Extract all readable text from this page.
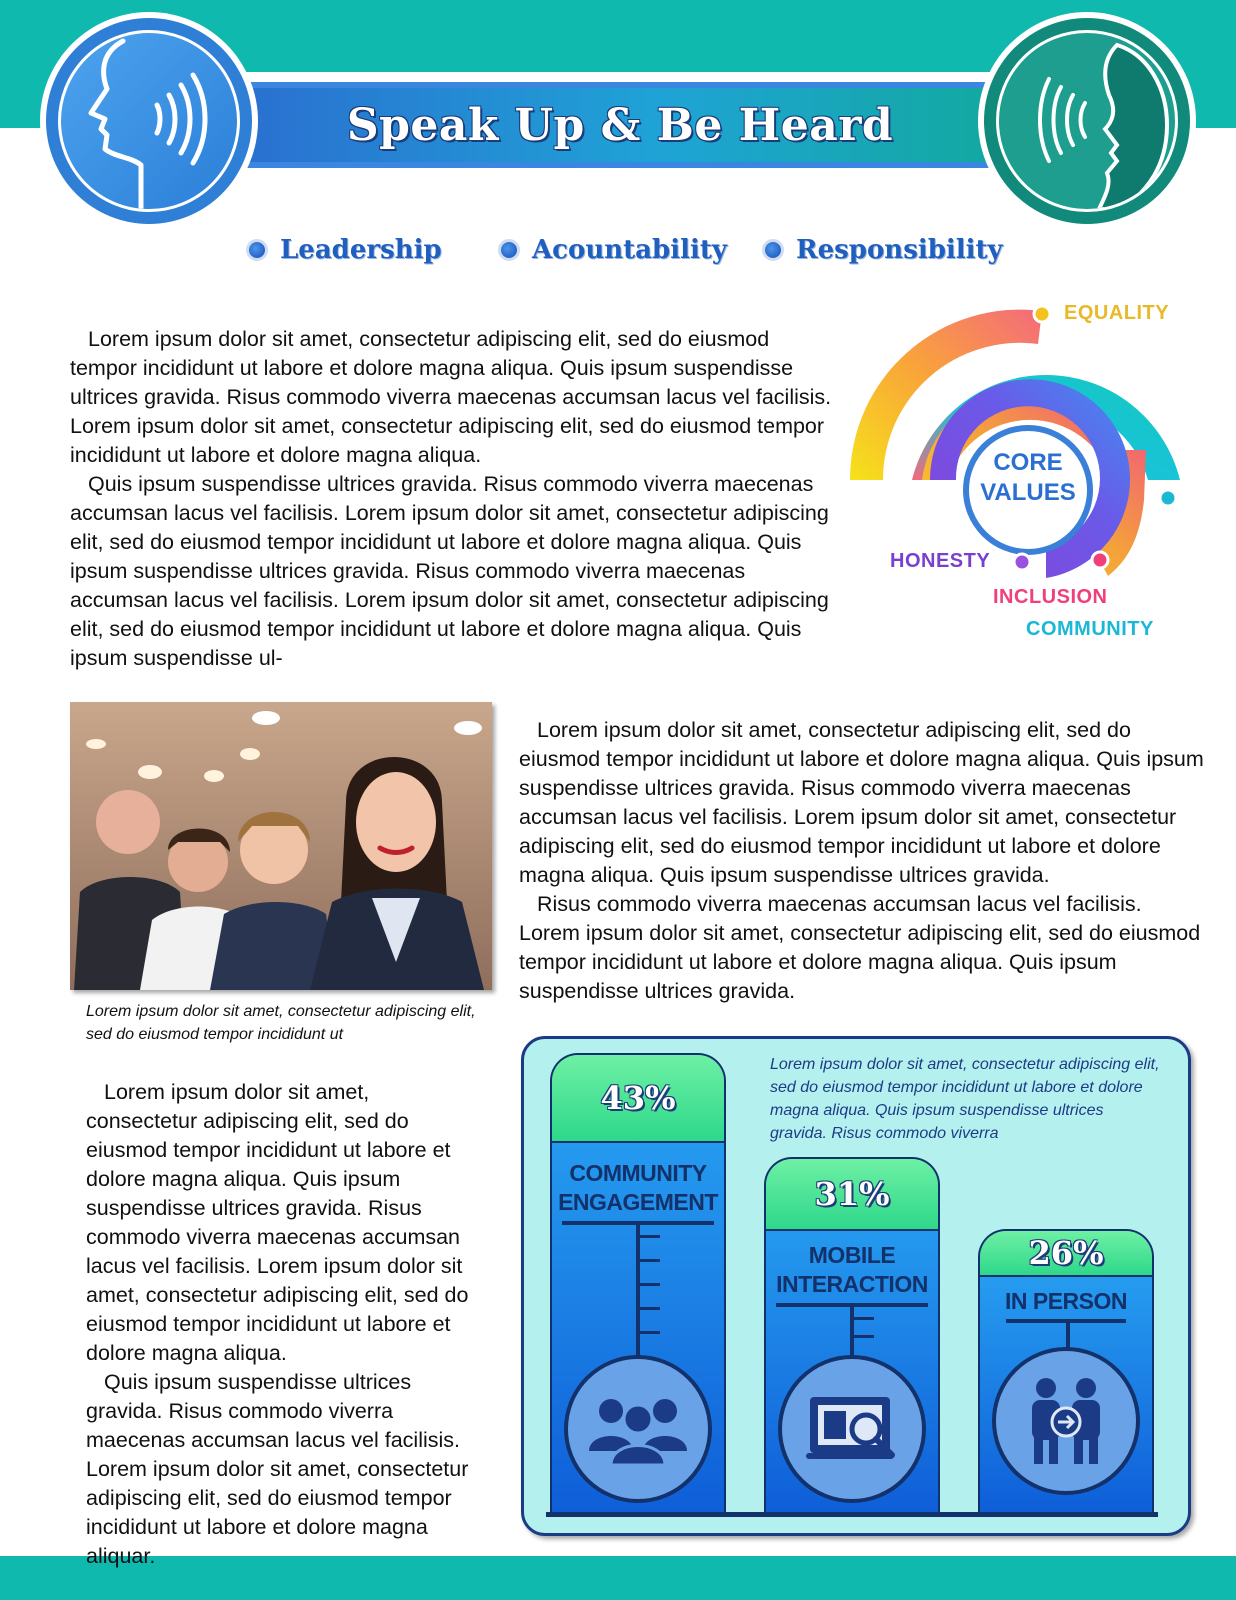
Speak Up & Be Heard
Leadership	Acountability	Responsibility

Lorem ipsum dolor sit amet, consectetur adipiscing elit, sed do eiusmod tempor incididunt ut labore et dolore magna aliqua. Quis ipsum suspendisse ultrices gravida. Risus commodo viverra maecenas accumsan lacus vel facilisis. Lorem ipsum dolor sit amet, consectetur adipiscing elit, sed do eiusmod tempor incididunt ut labore et dolore magna aliqua.

Quis ipsum suspendisse ultrices gravida. Risus commodo viverra maecenas accumsan lacus vel facilisis. Lorem ipsum dolor sit amet, consectetur adipiscing elit, sed do eiusmod tempor incididunt ut labore et dolore magna aliqua. Quis ipsum suspendisse ultrices gravida. Risus commodo viverra maecenas accumsan lacus vel facilisis. Lorem ipsum dolor sit amet, consectetur adipiscing elit, sed do eiusmod tempor incididunt ut labore et dolore magna aliqua. Quis ipsum suspendisse ul-

CORE
VALUES
EQUALITY
HONESTY
INCLUSION
COMMUNITY
Lorem ipsum dolor sit amet, consectetur adipiscing elit, sed do eiusmod tempor incididunt ut

Lorem ipsum dolor sit amet, consectetur adipiscing elit, sed do eiusmod tempor incididunt ut labore et dolore magna aliqua. Quis ipsum suspendisse ultrices gravida. Risus commodo viverra maecenas accumsan lacus vel facilisis. Lorem ipsum dolor sit amet, consectetur adipiscing elit, sed do eiusmod tempor incididunt ut labore et dolore magna aliqua. Quis ipsum suspendisse ultrices gravida.

Risus commodo viverra maecenas accumsan lacus vel facilisis. Lorem ipsum dolor sit amet, consectetur adipiscing elit, sed do eiusmod tempor incididunt ut labore et dolore magna aliqua. Quis ipsum suspendisse ultrices gravida.

Lorem ipsum dolor sit amet, consectetur adipiscing elit, sed do eiusmod tempor incididunt ut labore et dolore magna aliqua. Quis ipsum suspendisse ultrices gravida. Risus commodo viverra maecenas accumsan lacus vel facilisis. Lorem ipsum dolor sit amet, consectetur adipiscing elit, sed do eiusmod tempor incididunt ut labore et dolore magna aliqua.

Quis ipsum suspendisse ultrices gravida. Risus commodo viverra maecenas accumsan lacus vel facilisis. Lorem ipsum dolor sit amet, consectetur adipiscing elit, sed do eiusmod tempor incididunt ut labore et dolore magna aliquar.

Lorem ipsum dolor sit amet, consectetur adipiscing elit, sed do eiusmod tempor incididunt ut labore et dolore magna aliqua. Quis ipsum suspendisse ultrices gravida. Risus commodo viverra
43%
COMMUNITY
ENGAGEMENT	31%
MOBILE
INTERACTION
26%
IN PERSON
